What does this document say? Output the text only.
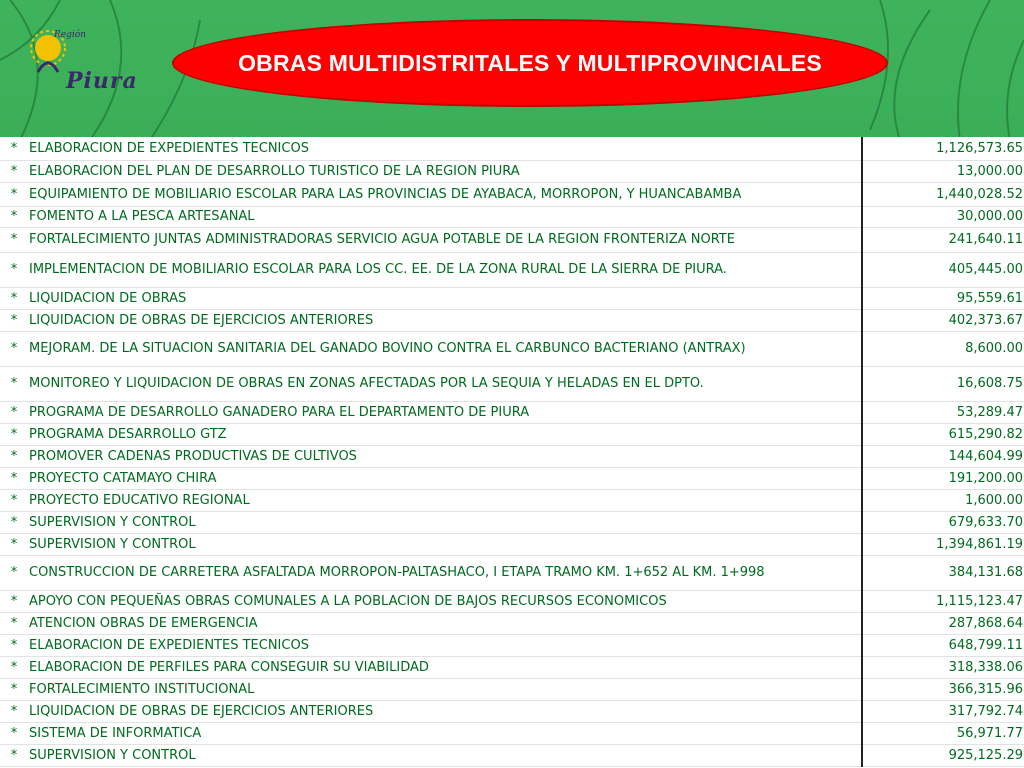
Región
Piura
OBRAS MULTIDISTRITALES Y MULTIPROVINCIALES
*	ELABORACION DE EXPEDIENTES TECNICOS	1,126,573.65
*	ELABORACION DEL PLAN DE DESARROLLO TURISTICO DE LA REGION PIURA	13,000.00
*	EQUIPAMIENTO DE MOBILIARIO ESCOLAR PARA LAS PROVINCIAS DE AYABACA, MORROPON, Y HUANCABAMBA	1,440,028.52
*	FOMENTO A LA PESCA ARTESANAL	30,000.00
*	FORTALECIMIENTO JUNTAS ADMINISTRADORAS SERVICIO AGUA POTABLE DE LA REGION FRONTERIZA NORTE	241,640.11
*	IMPLEMENTACION DE MOBILIARIO ESCOLAR PARA LOS CC. EE. DE LA ZONA RURAL DE LA SIERRA DE PIURA.	405,445.00
*	LIQUIDACION DE OBRAS	95,559.61
*	LIQUIDACION DE OBRAS DE EJERCICIOS ANTERIORES	402,373.67
*	MEJORAM. DE LA SITUACION SANITARIA DEL GANADO BOVINO CONTRA EL CARBUNCO BACTERIANO (ANTRAX)	8,600.00
*	MONITOREO Y LIQUIDACION DE OBRAS EN ZONAS AFECTADAS POR LA SEQUIA Y HELADAS EN EL DPTO.	16,608.75
*	PROGRAMA DE DESARROLLO GANADERO PARA EL DEPARTAMENTO DE PIURA	53,289.47
*	PROGRAMA DESARROLLO GTZ	615,290.82
*	PROMOVER CADENAS PRODUCTIVAS DE CULTIVOS	144,604.99
*	PROYECTO CATAMAYO CHIRA	191,200.00
*	PROYECTO EDUCATIVO REGIONAL	1,600.00
*	SUPERVISION Y CONTROL	679,633.70
*	SUPERVISION Y CONTROL	1,394,861.19
*	CONSTRUCCION DE CARRETERA ASFALTADA MORROPON-PALTASHACO, I ETAPA TRAMO KM. 1+652 AL KM. 1+998	384,131.68
*	APOYO CON PEQUEÑAS OBRAS COMUNALES A LA POBLACION DE BAJOS RECURSOS ECONOMICOS	1,115,123.47
*	ATENCION OBRAS DE EMERGENCIA	287,868.64
*	ELABORACION DE EXPEDIENTES TECNICOS	648,799.11
*	ELABORACION DE PERFILES PARA CONSEGUIR SU VIABILIDAD	318,338.06
*	FORTALECIMIENTO INSTITUCIONAL	366,315.96
*	LIQUIDACION DE OBRAS DE EJERCICIOS ANTERIORES	317,792.74
*	SISTEMA DE INFORMATICA	56,971.77
*	SUPERVISION Y CONTROL	925,125.29
